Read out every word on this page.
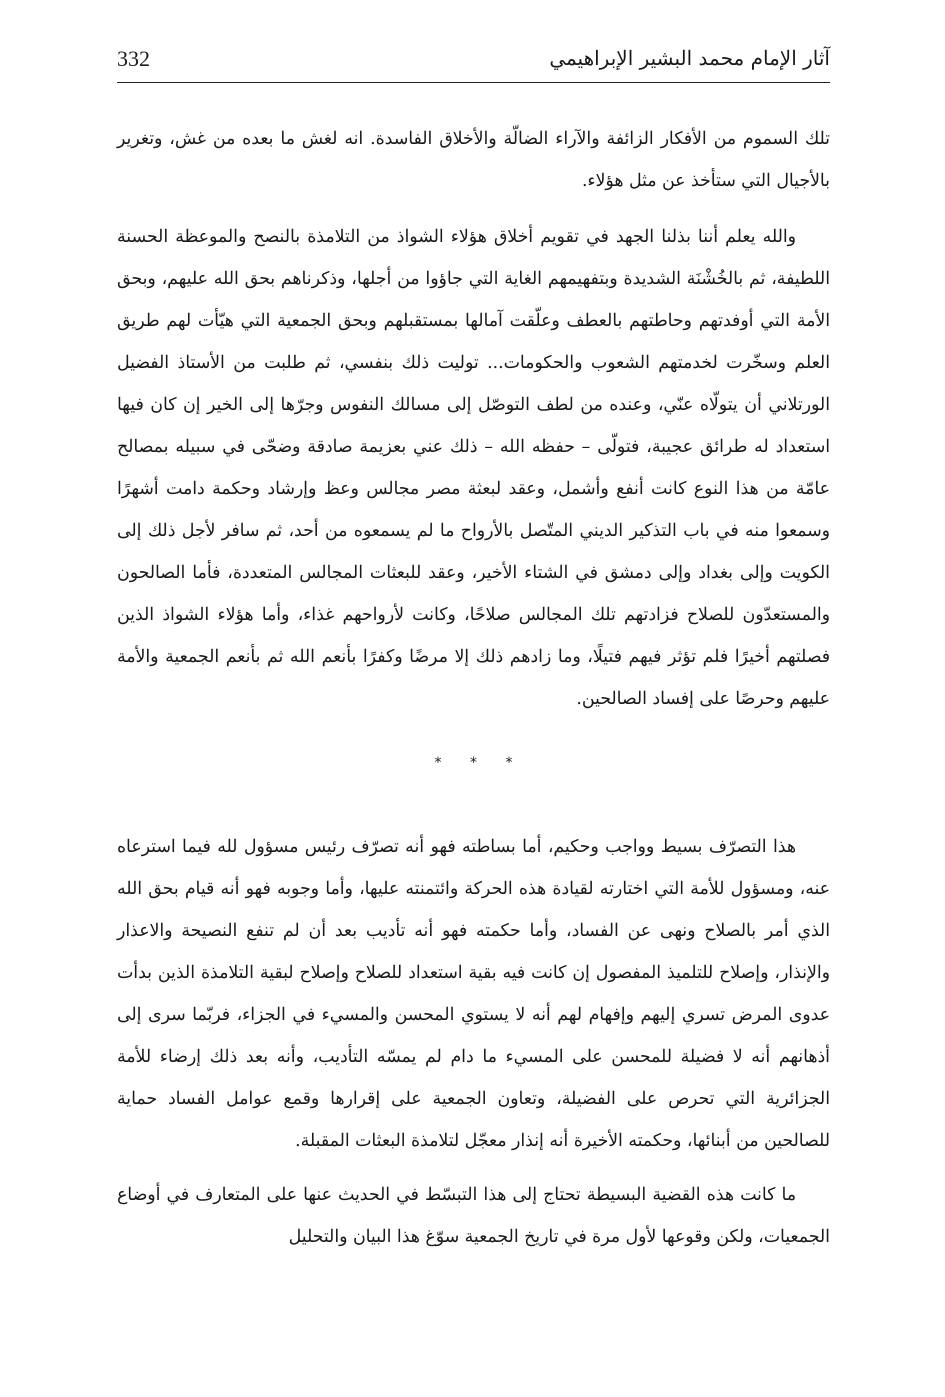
332	آثار الإمام محمد البشير الإبراهيمي

تلك السموم من الأفكار الزائفة والآراء الضالّة والأخلاق الفاسدة. انه لغش ما بعده من غش، وتغرير بالأجيال التي ستأخذ عن مثل هؤلاء.

والله يعلم أننا بذلنا الجهد في تقويم أخلاق هؤلاء الشواذ من التلامذة بالنصح والموعظة الحسنة اللطيفة، ثم بالخُشْنَة الشديدة وبتفهيمهم الغاية التي جاؤوا من أجلها، وذكرناهم بحق الله عليهم، وبحق الأمة التي أوفدتهم وحاطتهم بالعطف وعلّقت آمالها بمستقبلهم وبحق الجمعية التي هيّأت لهم طريق العلم وسخّرت لخدمتهم الشعوب والحكومات... توليت ذلك بنفسي، ثم طلبت من الأستاذ الفضيل الورتلاني أن يتولّاه عنّي، وعنده من لطف التوصّل إلى مسالك النفوس وجرّها إلى الخير إن كان فيها استعداد له طرائق عجيبة، فتولّى – حفظه الله – ذلك عني بعزيمة صادقة وضحّى في سبيله بمصالح عامّة من هذا النوع كانت أنفع وأشمل، وعقد لبعثة مصر مجالس وعظ وإرشاد وحكمة دامت أشهرًا وسمعوا منه في باب التذكير الديني المتّصل بالأرواح ما لم يسمعوه من أحد، ثم سافر لأجل ذلك إلى الكويت وإلى بغداد وإلى دمشق في الشتاء الأخير، وعقد للبعثات المجالس المتعددة، فأما الصالحون والمستعدّون للصلاح فزادتهم تلك المجالس صلاحًا، وكانت لأرواحهم غذاء، وأما هؤلاء الشواذ الذين فصلتهم أخيرًا فلم تؤثر فيهم فتيلًا، وما زادهم ذلك إلا مرضًا وكفرًا بأنعم الله ثم بأنعم الجمعية والأمة عليهم وحرصًا على إفساد الصالحين.

* * *

هذا التصرّف بسيط وواجب وحكيم، أما بساطته فهو أنه تصرّف رئيس مسؤول لله فيما استرعاه عنه، ومسؤول للأمة التي اختارته لقيادة هذه الحركة وائتمنته عليها، وأما وجوبه فهو أنه قيام بحق الله الذي أمر بالصلاح ونهى عن الفساد، وأما حكمته فهو أنه تأديب بعد أن لم تنفع النصيحة والاعذار والإنذار، وإصلاح للتلميذ المفصول إن كانت فيه بقية استعداد للصلاح وإصلاح لبقية التلامذة الذين بدأت عدوى المرض تسري إليهم وإفهام لهم أنه لا يستوي المحسن والمسيء في الجزاء، فربّما سرى إلى أذهانهم أنه لا فضيلة للمحسن على المسيء ما دام لم يمسّه التأديب، وأنه بعد ذلك إرضاء للأمة الجزائرية التي تحرص على الفضيلة، وتعاون الجمعية على إقرارها وقمع عوامل الفساد حماية للصالحين من أبنائها، وحكمته الأخيرة أنه إنذار معجّل لتلامذة البعثات المقبلة.

ما كانت هذه القضية البسيطة تحتاج إلى هذا التبسّط في الحديث عنها على المتعارف في أوضاع الجمعيات، ولكن وقوعها لأول مرة في تاريخ الجمعية سوّغ هذا البيان والتحليل
